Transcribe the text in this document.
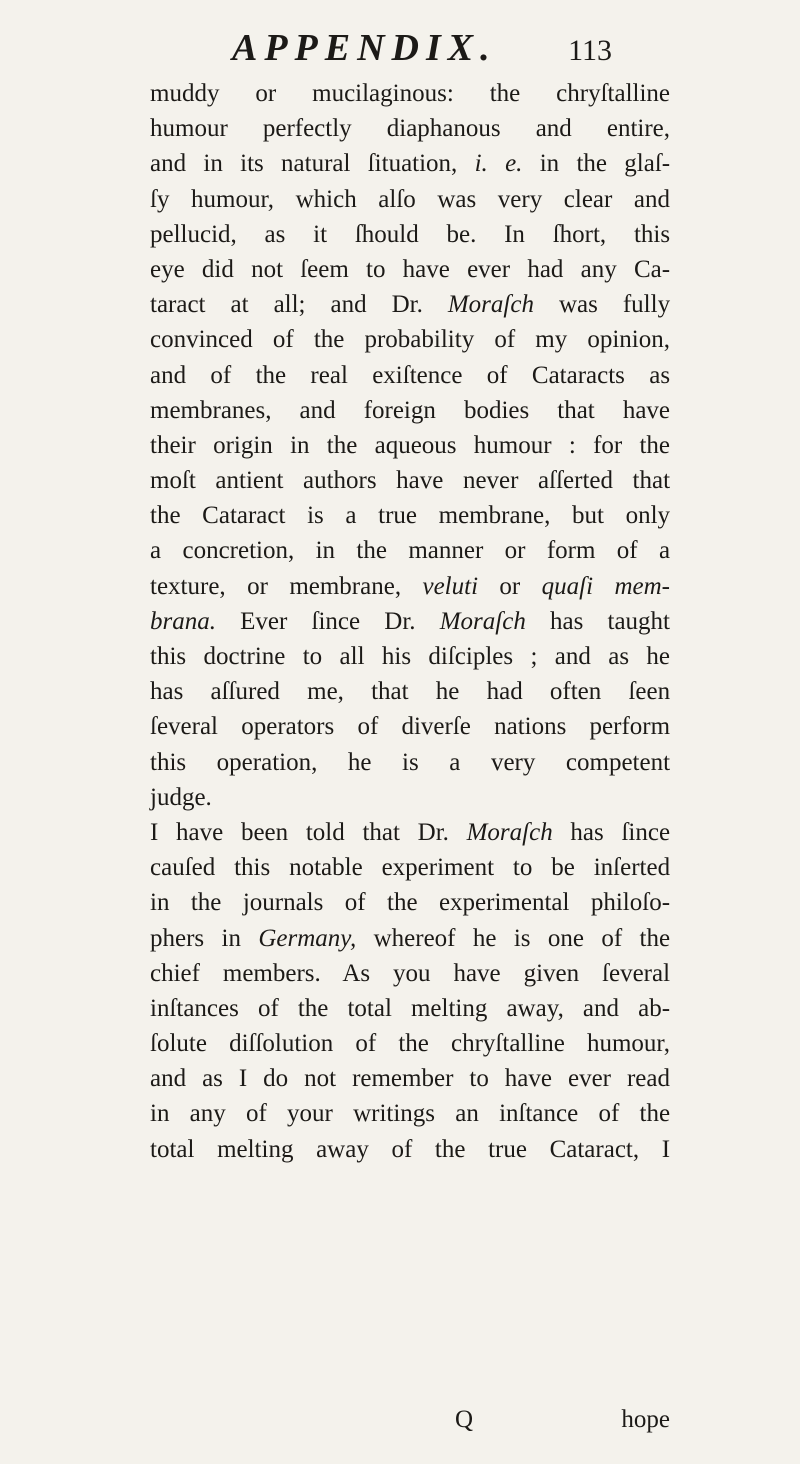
APPENDIX. 113
muddy or mucilaginous: the chryſtalline
humour perfectly diaphanous and entire,
and in its natural ſituation, i. e. in the glaſ-
ſy humour, which alſo was very clear and
pellucid, as it ſhould be. In ſhort, this
eye did not ſeem to have ever had any Ca-
taract at all; and Dr. Moraſch was fully
convinced of the probability of my opinion,
and of the real exiſtence of Cataracts as
membranes, and foreign bodies that have
their origin in the aqueous humour : for the
moſt antient authors have never aſſerted that
the Cataract is a true membrane, but only
a concretion, in the manner or form of a
texture, or membrane, veluti or quaſi mem-
brana. Ever ſince Dr. Moraſch has taught
this doctrine to all his diſciples ; and as he
has aſſured me, that he had often ſeen
ſeveral operators of diverſe nations perform
this operation, he is a very competent
judge.
I have been told that Dr. Moraſch has ſince
cauſed this notable experiment to be inſerted
in the journals of the experimental philoſo-
phers in Germany, whereof he is one of the
chief members. As you have given ſeveral
inſtances of the total melting away, and ab-
ſolute diſſolution of the chryſtalline humour,
and as I do not remember to have ever read
in any of your writings an inſtance of the
total melting away of the true Cataract, I
Q	hope
